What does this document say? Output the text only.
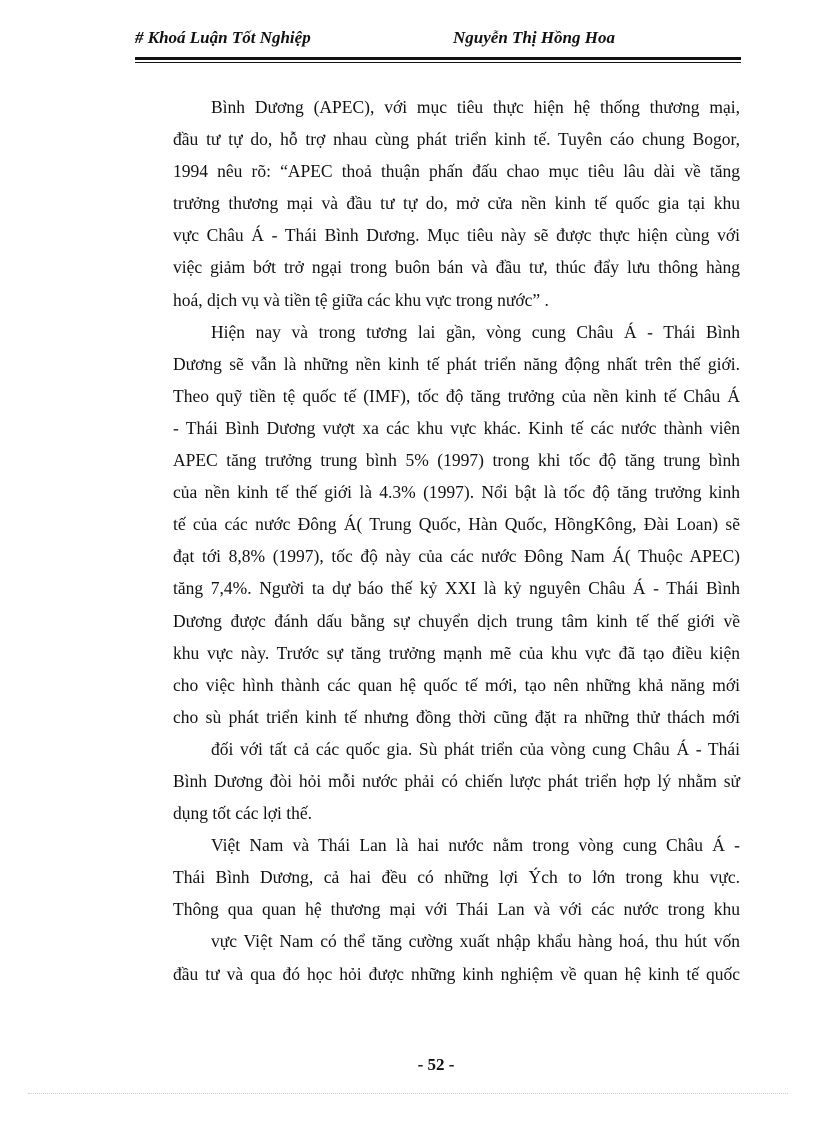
# Khoá Luận Tốt Nghiệp	Nguyễn Thị Hồng Hoa
Bình Dương (APEC), với mục tiêu thực hiện hệ thống thương mại,
đầu tư tự do, hỗ trợ nhau cùng phát triển kinh tế. Tuyên cáo chung Bogor,
1994 nêu rõ: “APEC thoả thuận phấn đấu chao mục tiêu lâu dài về tăng
trưởng thương mại và đầu tư tự do, mở cửa nền kinh tế quốc gia tại khu
vực Châu Á - Thái Bình Dương. Mục tiêu này sẽ được thực hiện cùng với
việc giảm bớt trở ngại trong buôn bán và đầu tư, thúc đẩy lưu thông hàng
hoá, dịch vụ và tiền tệ giữa các khu vực trong nước” .
Hiện nay và trong tương lai gần, vòng cung Châu Á - Thái Bình
Dương sẽ vẫn là những nền kinh tế phát triển năng động nhất trên thế giới.
Theo quỹ tiền tệ quốc tế (IMF), tốc độ tăng trưởng của nền kinh tế Châu Á
- Thái Bình Dương vượt xa các khu vực khác. Kinh tế các nước thành viên
APEC tăng trưởng trung bình 5% (1997) trong khi tốc độ tăng trung bình
của nền kinh tế thế giới là 4.3% (1997). Nổi bật là tốc độ tăng trưởng kinh
tế của các nước Đông Á( Trung Quốc, Hàn Quốc, HồngKông, Đài Loan) sẽ
đạt tới 8,8% (1997), tốc độ này của các nước Đông Nam Á( Thuộc APEC)
tăng 7,4%. Người ta dự báo thế kỷ XXI là kỷ nguyên Châu Á - Thái Bình
Dương được đánh dấu bằng sự chuyển dịch trung tâm kinh tế thế giới về
khu vực này. Trước sự tăng trưởng mạnh mẽ của khu vực đã tạo điều kiện
cho việc hình thành các quan hệ quốc tế mới, tạo nên những khả năng mới
cho sù phát triển kinh tế nhưng đồng thời cũng đặt ra những thử thách mới
đối với tất cả các quốc gia. Sù phát triển của vòng cung Châu Á - Thái
Bình Dương đòi hỏi mỗi nước phải có chiến lược phát triển hợp lý nhằm sử
dụng tốt các lợi thế.
Việt Nam và Thái Lan là hai nước nằm trong vòng cung Châu Á -
Thái Bình Dương, cả hai đều có những lợi Ých to lớn trong khu vực.
Thông qua quan hệ thương mại với Thái Lan và với các nước trong khu
vực Việt Nam có thể tăng cường xuất nhập khẩu hàng hoá, thu hút vốn
đầu tư và qua đó học hỏi được những kinh nghiệm về quan hệ kinh tế quốc
- 52 -
